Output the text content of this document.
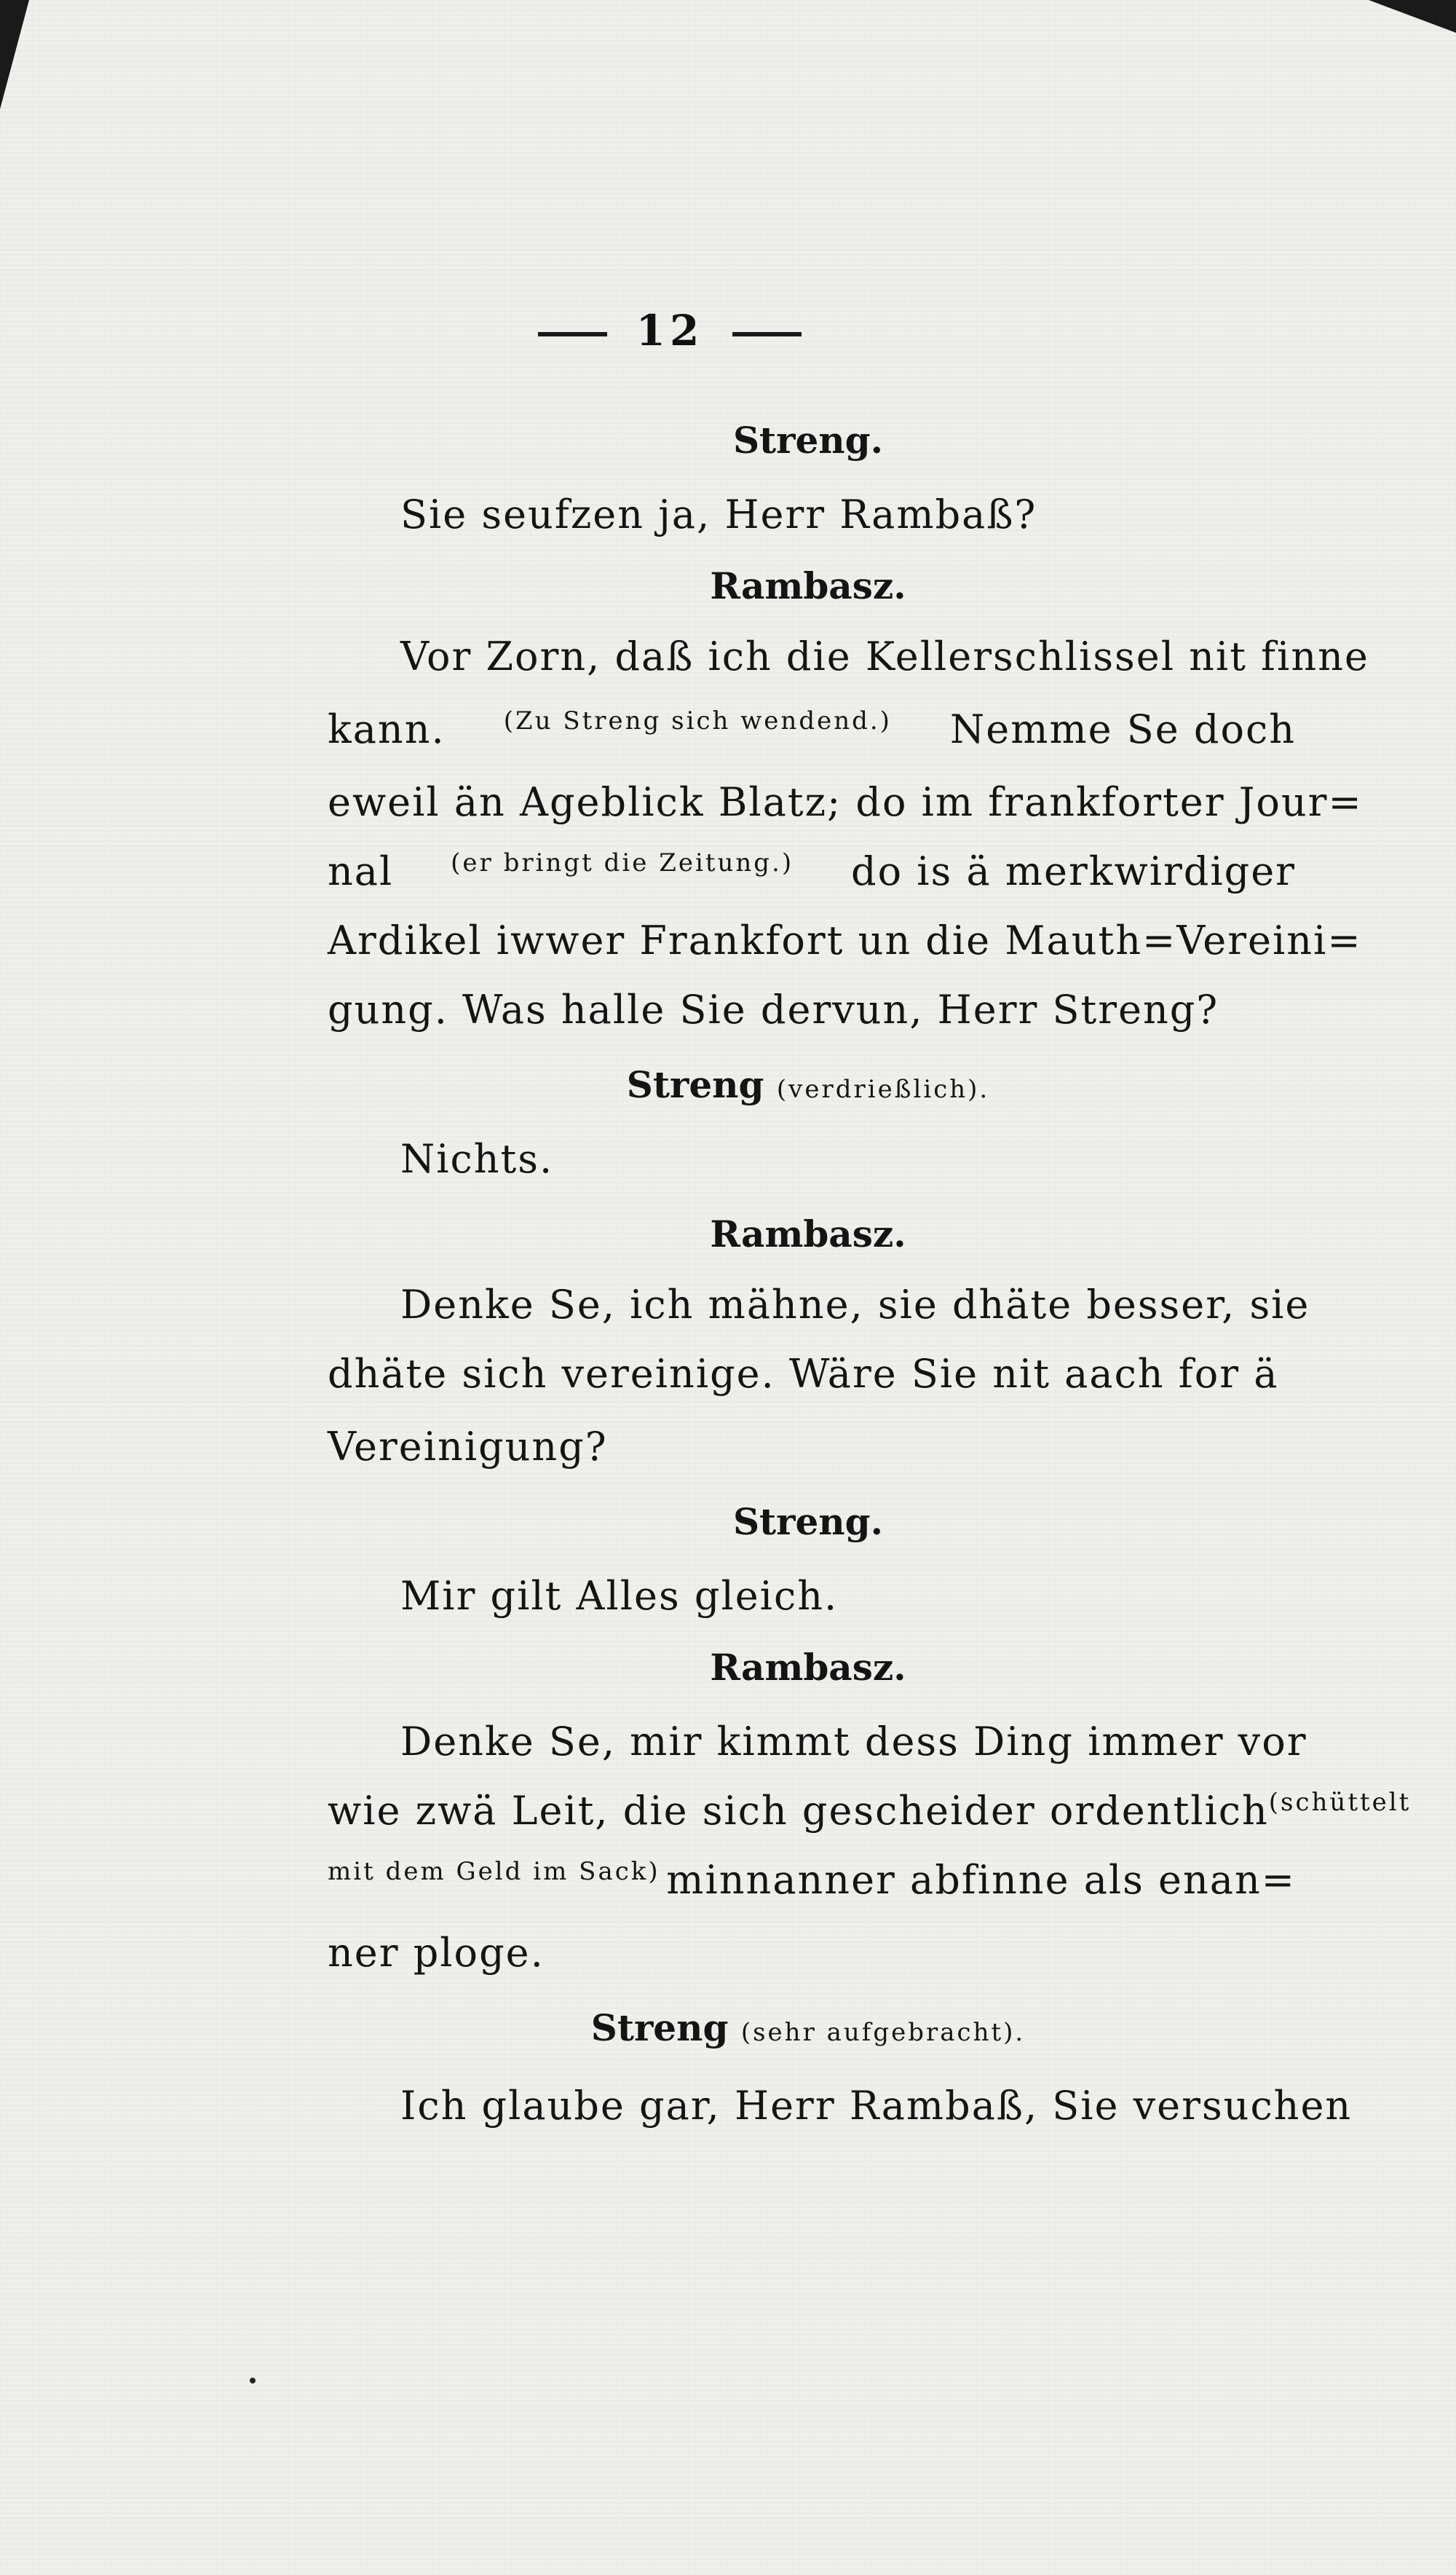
12
Streng.
Sie seufzen ja, Herr Rambaß?
Rambasz.
Vor Zorn, daß ich die Kellerschlissel nit finne
kann. (Zu Streng sich wendend.) Nemme Se doch
eweil än Ageblick Blatz; do im frankforter Jour=
nal (er bringt die Zeitung.) do is ä merkwirdiger
Ardikel iwwer Frankfort un die Mauth=Vereini=
gung. Was halle Sie dervun, Herr Streng?
Streng (verdrießlich).
Nichts.
Rambasz.
Denke Se, ich mähne, sie dhäte besser, sie
dhäte sich vereinige. Wäre Sie nit aach for ä
Vereinigung?
Streng.
Mir gilt Alles gleich.
Rambasz.
Denke Se, mir kimmt dess Ding immer vor
wie zwä Leit, die sich gescheider ordentlich (schüttelt
mit dem Geld im Sack) minnanner abfinne als enan=
ner ploge.
Streng (sehr aufgebracht).
Ich glaube gar, Herr Rambaß, Sie versuchen
